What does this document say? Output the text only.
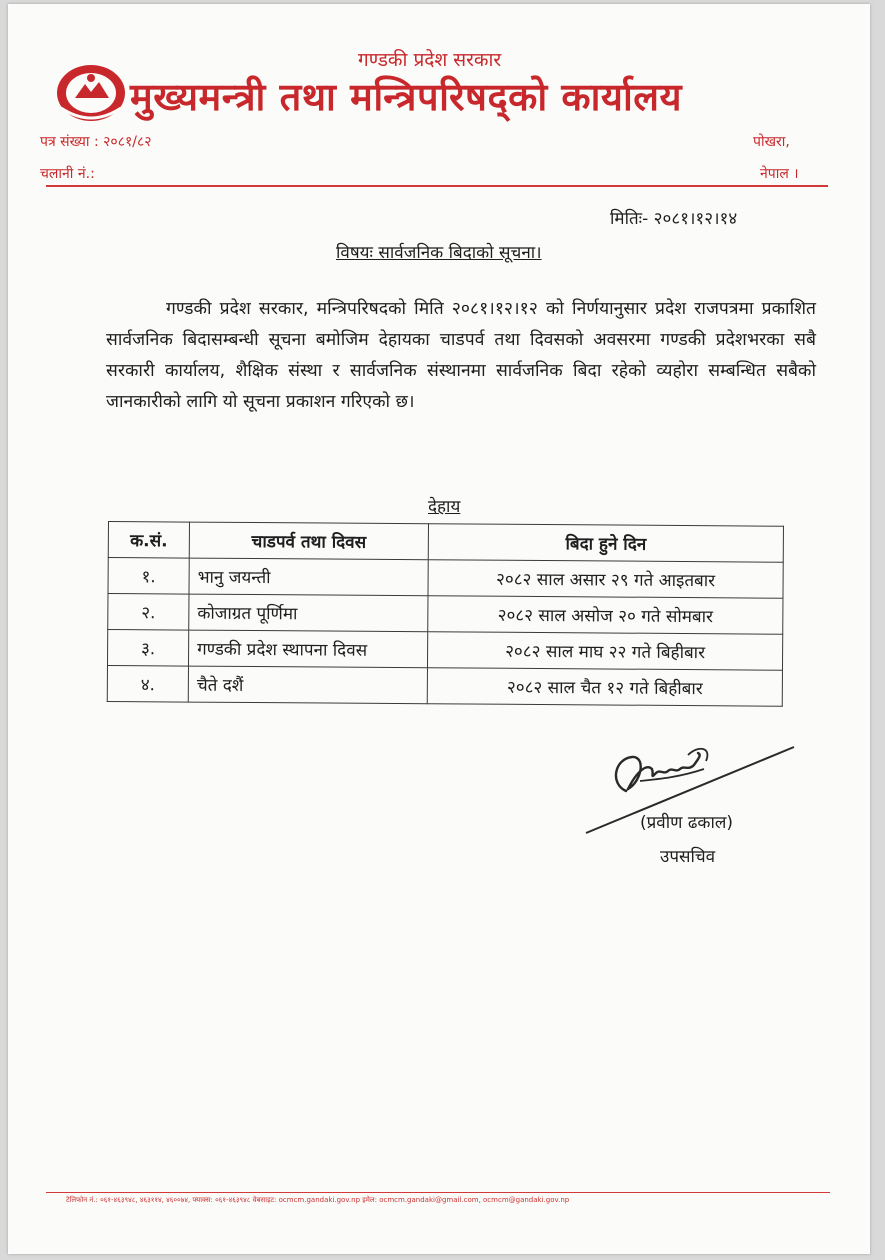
गण्डकी प्रदेश सरकार
मुख्यमन्त्री तथा मन्त्रिपरिषद्को कार्यालय
पत्र संख्या : २०८१/८२
चलानी नं.:
पोखरा,
नेपाल ।
मितिः- २०८१।१२।१४
विषयः सार्वजनिक बिदाको सूचना।
गण्डकी प्रदेश सरकार, मन्त्रिपरिषदको मिति २०८१।१२।१२ को निर्णयानुसार प्रदेश राजपत्रमा प्रकाशित सार्वजनिक बिदासम्बन्धी सूचना बमोजिम देहायका चाडपर्व तथा दिवसको अवसरमा गण्डकी प्रदेशभरका सबै सरकारी कार्यालय, शैक्षिक संस्था र सार्वजनिक संस्थानमा सार्वजनिक बिदा रहेको व्यहोरा सम्बन्धित सबैको जानकारीको लागि यो सूचना प्रकाशन गरिएको छ।
देहाय
क.सं.	चाडपर्व तथा दिवस	बिदा हुने दिन
१.	भानु जयन्ती	२०८२ साल असार २९ गते आइतबार
२.	कोजाग्रत पूर्णिमा	२०८२ साल असोज २० गते सोमबार
३.	गण्डकी प्रदेश स्थापना दिवस	२०८२ साल माघ २२ गते बिहीबार
४.	चैते दशैं	२०८२ साल चैत १२ गते बिहीबार
(प्रवीण ढकाल)
उपसचिव
टेलिफोन नं.: ०६१-४६३९४८, ४६३११४, ४६००७४, फ्याक्स: ०६१-४६३९४८ वेबसाइट: ocmcm.gandaki.gov.np इमेल: ocmcm.gandaki@gmail.com, ocmcm@gandaki.gov.np
